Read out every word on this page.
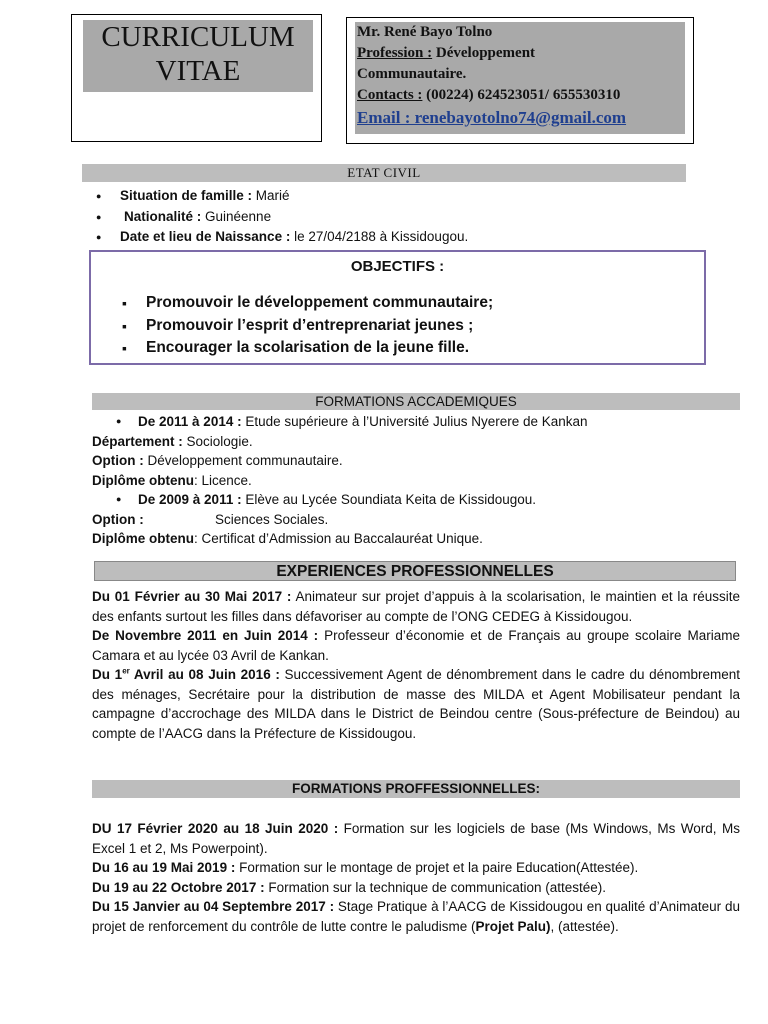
CURRICULUM
VITAE
Mr. René Bayo Tolno
Profession : Développement
Communautaire.
Contacts : (00224) 624523051/ 655530310
Email : renebayotolno74@gmail.com
ETAT CIVIL
● Situation de famille : Marié
● Nationalité : Guinéenne
● Date et lieu de Naissance : le 27/04/2188 à Kissidougou.
OBJECTIFS :
▪ Promouvoir le développement communautaire;
▪ Promouvoir l’esprit d’entreprenariat jeunes ;
▪ Encourager la scolarisation de la jeune fille.
FORMATIONS ACCADEMIQUES

● De 2011 à 2014 : Etude supérieure à l’Université Julius Nyerere de Kankan

Département : Sociologie.

Option : Développement communautaire.

Diplôme obtenu: Licence.

● De 2009 à 2011 : Elève au Lycée Soundiata Keita de Kissidougou.

Option :	Sciences Sociales.

Diplôme obtenu: Certificat d’Admission au Baccalauréat Unique.

EXPERIENCES PROFESSIONNELLES

Du 01 Février au 30 Mai 2017 : Animateur sur projet d’appuis à la scolarisation, le maintien et la réussite des enfants surtout les filles dans défavoriser au compte de l’ONG CEDEG à Kissidougou.

De Novembre 2011 en Juin 2014 : Professeur d’économie et de Français au groupe scolaire Mariame Camara et au lycée 03 Avril de Kankan.

Du 1er Avril au 08 Juin 2016 : Successivement Agent de dénombrement dans le cadre du dénombrement des ménages, Secrétaire pour la distribution de masse des MILDA et Agent Mobilisateur pendant la campagne d’accrochage des MILDA dans le District de Beindou centre (Sous-préfecture de Beindou) au compte de l’AACG dans la Préfecture de Kissidougou.

FORMATIONS PROFFESSIONNELLES:

DU 17 Février 2020 au 18 Juin 2020 : Formation sur les logiciels de base (Ms Windows, Ms Word, Ms Excel 1 et 2, Ms Powerpoint).

Du 16 au 19 Mai 2019 : Formation sur le montage de projet et la paire Education(Attestée).

Du 19 au 22 Octobre 2017 : Formation sur la technique de communication (attestée).

Du 15 Janvier au 04 Septembre 2017 : Stage Pratique à l’AACG de Kissidougou en qualité d’Animateur du projet de renforcement du contrôle de lutte contre le paludisme (Projet Palu), (attestée).
